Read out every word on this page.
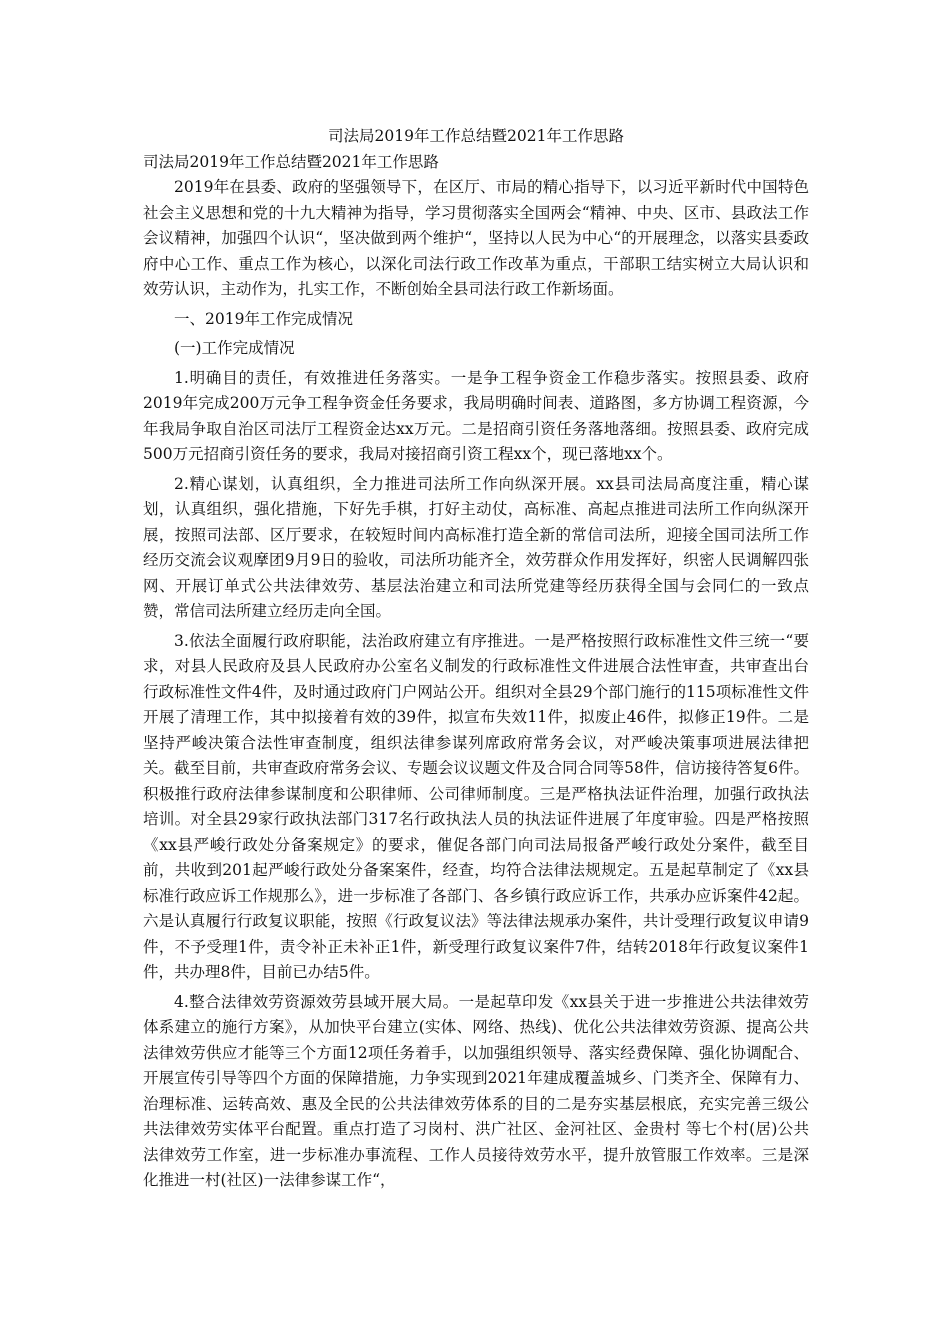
司法局2019年工作总结暨2021年工作思路

司法局2019年工作总结暨2021年工作思路

2019年在县委、政府的坚强领导下，在区厅、市局的精心指导下，以习近平新时代中国特色社会主义思想和党的十九大精神为指导，学习贯彻落实全国两会“精神、中央、区市、县政法工作会议精神，加强四个认识“，坚决做到两个维护“，坚持以人民为中心“的开展理念，以落实县委政府中心工作、重点工作为核心，以深化司法行政工作改革为重点，干部职工结实树立大局认识和效劳认识，主动作为，扎实工作，不断创始全县司法行政工作新场面。

一、2019年工作完成情况

(一)工作完成情况

1.明确目的责任，有效推进任务落实。一是争工程争资金工作稳步落实。按照县委、政府2019年完成200万元争工程争资金任务要求，我局明确时间表、道路图，多方协调工程资源，今年我局争取自治区司法厅工程资金达xx万元。二是招商引资任务落地落细。按照县委、政府完成500万元招商引资任务的要求，我局对接招商引资工程xx个，现已落地xx个。

2.精心谋划，认真组织，全力推进司法所工作向纵深开展。xx县司法局高度注重，精心谋划，认真组织，强化措施，下好先手棋，打好主动仗，高标准、高起点推进司法所工作向纵深开展，按照司法部、区厅要求，在较短时间内高标准打造全新的常信司法所，迎接全国司法所工作经历交流会议观摩团9月9日的验收，司法所功能齐全，效劳群众作用发挥好，织密人民调解四张网、开展订单式公共法律效劳、基层法治建立和司法所党建等经历获得全国与会同仁的一致点赞，常信司法所建立经历走向全国。

3.依法全面履行政府职能，法治政府建立有序推进。一是严格按照行政标准性文件三统一“要求，对县人民政府及县人民政府办公室名义制发的行政标准性文件进展合法性审查，共审查出台行政标准性文件4件，及时通过政府门户网站公开。组织对全县29个部门施行的115项标准性文件开展了清理工作，其中拟接着有效的39件，拟宣布失效11件，拟废止46件，拟修正19件。二是坚持严峻决策合法性审查制度，组织法律参谋列席政府常务会议，对严峻决策事项进展法律把关。截至目前，共审查政府常务会议、专题会议议题文件及合同合同等58件，信访接待答复6件。积极推行政府法律参谋制度和公职律师、公司律师制度。三是严格执法证件治理，加强行政执法培训。对全县29家行政执法部门317名行政执法人员的执法证件进展了年度审验。四是严格按照《xx县严峻行政处分备案规定》的要求，催促各部门向司法局报备严峻行政处分案件，截至目前，共收到201起严峻行政处分备案案件，经查，均符合法律法规规定。五是起草制定了《xx县标准行政应诉工作规那么》，进一步标准了各部门、各乡镇行政应诉工作，共承办应诉案件42起。六是认真履行行政复议职能，按照《行政复议法》等法律法规承办案件，共计受理行政复议申请9件，不予受理1件，责令补正未补正1件，新受理行政复议案件7件，结转2018年行政复议案件1件，共办理8件，目前已办结5件。

4.整合法律效劳资源效劳县域开展大局。一是起草印发《xx县关于进一步推进公共法律效劳体系建立的施行方案》，从加快平台建立(实体、网络、热线)、优化公共法律效劳资源、提高公共法律效劳供应才能等三个方面12项任务着手，以加强组织领导、落实经费保障、强化协调配合、开展宣传引导等四个方面的保障措施，力争实现到2021年建成覆盖城乡、门类齐全、保障有力、治理标准、运转高效、惠及全民的公共法律效劳体系的目的二是夯实基层根底，充实完善三级公共法律效劳实体平台配置。重点打造了习岗村、洪广社区、金河社区、金贵村 等七个村(居)公共法律效劳工作室，进一步标准办事流程、工作人员接待效劳水平，提升放管服工作效率。三是深化推进一村(社区)一法律参谋工作“，
